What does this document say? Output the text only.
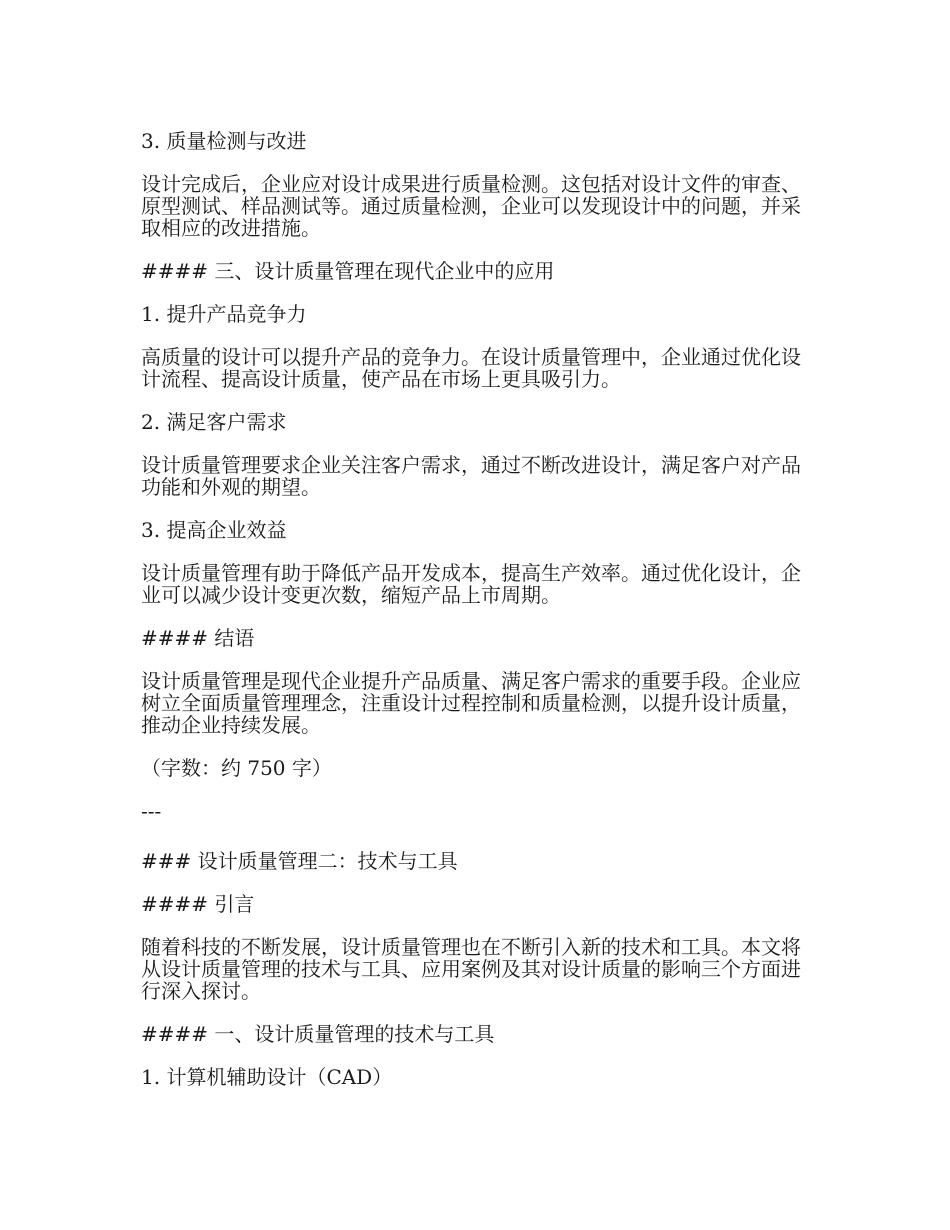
3. 质量检测与改进

设计完成后，企业应对设计成果进行质量检测。这包括对设计文件的审查、原型测试、样品测试等。通过质量检测，企业可以发现设计中的问题，并采取相应的改进措施。

#### 三、设计质量管理在现代企业中的应用

1. 提升产品竞争力

高质量的设计可以提升产品的竞争力。在设计质量管理中，企业通过优化设计流程、提高设计质量，使产品在市场上更具吸引力。

2. 满足客户需求

设计质量管理要求企业关注客户需求，通过不断改进设计，满足客户对产品功能和外观的期望。

3. 提高企业效益

设计质量管理有助于降低产品开发成本，提高生产效率。通过优化设计，企业可以减少设计变更次数，缩短产品上市周期。

#### 结语

设计质量管理是现代企业提升产品质量、满足客户需求的重要手段。企业应树立全面质量管理理念，注重设计过程控制和质量检测，以提升设计质量，推动企业持续发展。

（字数：约 750 字）

---

### 设计质量管理二：技术与工具

#### 引言

随着科技的不断发展，设计质量管理也在不断引入新的技术和工具。本文将从设计质量管理的技术与工具、应用案例及其对设计质量的影响三个方面进行深入探讨。

#### 一、设计质量管理的技术与工具

1. 计算机辅助设计（CAD）
